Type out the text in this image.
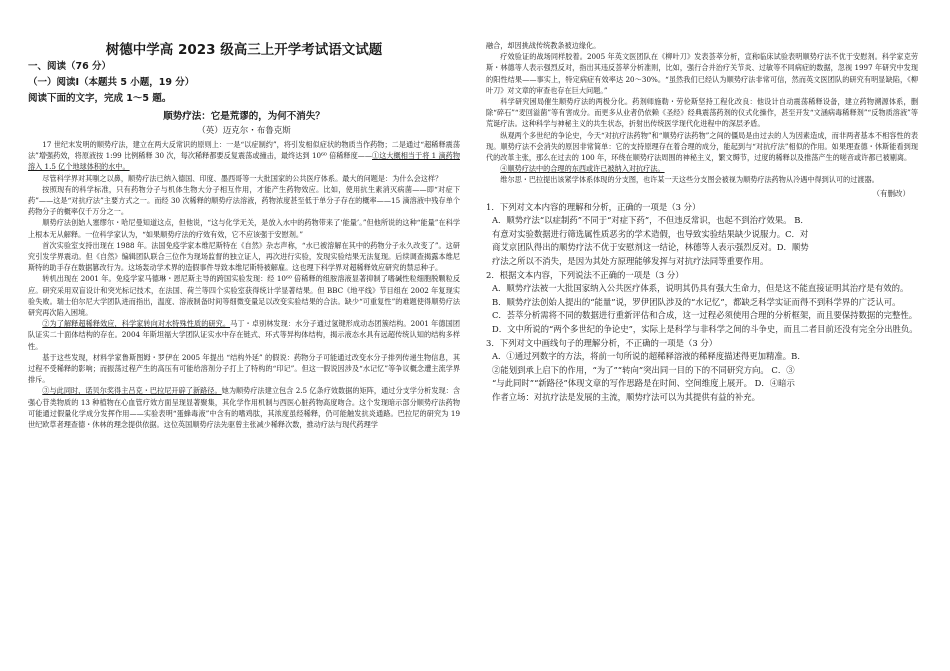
树德中学高 2023 级高三上开学考试语文试题
一、阅读（76 分）
（一）阅读Ⅰ（本题共 5 小题，19 分）
阅读下面的文字，完成 1～5 题。
顺势疗法：它是荒谬的，为何不消失？
（英）迈克尔・布鲁克斯

17 世纪末发明的顺势疗法，建立在两大反常识的原则上：一是“以症制约”，将引发相似症状的物质当作药物；二是通过“超稀释震荡法”增强药效，将原液按 1:99 比例稀释 30 次，每次稀释都要反复震荡或撞击，最终达到 10⁶⁰ 倍稀释度——①这大概相当于将 1 滴药物溶入 1.5 亿个地球体积的水中。

尽管科学界对其嗤之以鼻，顺势疗法已纳入德国、印度、墨西哥等一大批国家的公共医疗体系。最大的问题是：为什么会这样？

按照现有的科学标准，只有药物分子与机体生物大分子相互作用，才能产生药物效应。比如，使用抗生素消灭病菌——即“对症下药”——这是“对抗疗法”主要方式之一。而经 30 次稀释的顺势疗法溶液，药物浓度甚至低于单分子存在的概率——15 滴溶液中残存单个药物分子的概率仅千万分之一。

顺势疗法创始人塞缪尔・哈尼曼知道这点，但他说，“这与化学无关，是放入水中的药物带来了‘能量’。”但他所说的这种“能量”在科学上根本无从解释。一位科学家认为，“如果顺势疗法的疗效有效，它不应该强于安慰剂。”

首次实验室支持出现在 1988 年。法国免疫学家本维尼斯特在《自然》杂志声称，“水已被溶解在其中的药物分子永久改变了”。这研究引发学界震动。但《自然》编辑团队联合三位作为现场监督的独立证人，再次进行实验，发现实验结果无法复现。后续调查揭露本维尼斯特的助手存在数据篡改行为。这场轰动学术界的造假事件导致本维尼斯特被解雇。这也理下科学界对超稀释效应研究的禁忌种子。

转机出现在 2001 年。免疫学家马德琳・恩尼斯主导的跨国实验发现：经 10⁶⁰ 倍稀释的组胺溶液显著抑制了嗜碱性粒细胞脱颗粒反应。研究采用双盲设计和突光标记技术，在法国、荷兰等四个实验室获得统计学显著结果。但 BBC《地平线》节目组在 2002 年复现实验失败。瑞士伯尔尼大学团队进而指出，温度、溶液制备时间等细微变量足以改变实验结果的合法。缺少“可重复性”的难题使得顺势疗法研究再次陷入困境。

②为了解释超稀释效应，科学家转向对水特殊性质的研究。马丁・卓别林发现：水分子通过氢键形成动态团簇结构。2001 年德国团队证实二十面体结构的存在。2004 年斯坦福大学团队证实水中存在链式、环式等异构体结构，揭示液态水具有远超传统认知的结构多样性。

基于这些发现，材料学家鲁斯图姆・罗伊在 2005 年提出 “结构外延” 的假说：药物分子可能通过改变水分子排列传递生物信息，其过程不受稀释的影响；而振荡过程产生的高压有可能给溶剂分子打上了特构的“印记”。但这一假说因涉及“水记忆”等争议概念遭主流学界排斥。

③与此同时，诺贝尔奖得主吕克・巴拉尼开辟了新路径。她为顺势疗法建立包含 2.5 亿条疗效数据的矩阵，通过分支学分析发现：含强心苷类物质的 13 种植物在心血管疗效方面呈现显著聚集，其化学作用机制与西医心脏药物高度吻合。这个发现暗示部分顺势疗法药物可能通过假量化学成分发挥作用——实验表明“蛋蜂毒液”中含有的嗜鸡肽，其浓度虽经稀释，仍可能触发抗炎通路。巴拉尼的研究为 19 世纪欧草者理查德・休林的理念提供依据。这位英国顺势疗法先驱曾主张减少稀释次数，推动疗法与现代药理学

融合，却因挑战传统教条被边缘化。

疗效验证的战场同样胶着。2005 年英文医团队在《柳叶刀》发表荟萃分析，宣称临床试验表明顺势疗法不优于安慰剂。科学家克劳斯・林德等人表示强烈反对，指出其违反荟萃分析准则，比如，强行合并治疗关节炎、过敏等不同病症的数据，忽视 1997 年研究中发现的阳性结果——事实上，特定病症有效率达 20～30%。“虽然我们已经认为顺势疗法非常可信，然而英文医团队的研究有明显缺陷，《柳叶刀》对文章的审查也存在巨大问题。”

科学研究困局催生顺势疗法的两极分化。药剂师施勒・劳伦斯坚持工程化改良：他设计自动震荡稀释设备，建立药物溯源体系，删除“碎石”“麦回溢菌”等有害成分。而更多从业者仍依赖《圣经》经典震荡药剂的仪式化操作，甚至开发“文涵病毒稀释剂”“反物质溶液”等荒诞疗法。这种科学与神秘主义的共生状态，折射出传统医学现代化进程中的深层矛盾。

纵观两个多世纪的争论史，今天“对抗疗法药物”和“顺势疗法药物”之间的僵局是由过去的人为因素造成，而非两者基本不相容性的表现。顺势疗法不会消失的原因非常简单：它的支持原理存在着合理的成分，能起到与“对抗疗法”相似的作用。如果理查德・休斯能看到现代的改革主张，那么在过去的 100 年，环绕在顺势疗法周围的神秘主义，繁文缛节，过度的稀释以及推荡产生的嗟音或许都已被剔离。

④顺势疗法中的合理的东西或许已被纳入对抗疗法。

维尔思・巴拉提出该紧学体系体现的分支图，也许某一天这些分支图会被视为顺势疗法药物从冷遇中得到认可的过渡器。

（有删改）
1．下列对文本内容的理解和分析，正确的一项是（3 分）
A．顺势疗法“以症制药”不同于“对症下药”，不但违反常识，也起不到治疗效果。 B．
有意对实验数据进行筛选属性质恶劣的学术造假，也导致实验结果缺少说服力。C．对
商艾京团队得出的顺势疗法不优于安慰剂这一结论，林德等人表示强烈反对。D．顺势
疗法之所以不消失，是因为其处方原理能够发挥与对抗疗法同等重要作用。
2．根据文本内容，下列说法不正确的一项是（3 分）
A．顺势疗法被一大批国家纳入公共医疗体系，说明其仍具有强大生命力，但是这不能直接证明其治疗是有效的。
B．顺势疗法创始人提出的“能量”说，罗伊团队涉及的“水记忆”，都缺乏科学实证而得不到科学界的广泛认可。
C．荟萃分析需将不同的数据进行重新评估和合成，这一过程必须使用合理的分析框架，而且要保持数据的完整性。
D．文中所说的“两个多世纪的争论史”，实际上是科学与非科学之间的斗争史，而且二者目前还没有完全分出胜负。
3．下列对文中画线句子的理解分析，不正确的一项是（3 分）
A．①通过列数字的方法，将前一句所说的超稀释溶液的稀释度描述得更加精准。B．
②能划到承上启下的作用，“为了”“转向”突出同一目的下的不同研究方向。 C．③
“与此同时”“新路径”体现文章的写作思路是在时间、空间维度上展开。 D．④暗示
作者立场：对抗疗法是发展的主流，顺势疗法可以为其提供有益的补充。
